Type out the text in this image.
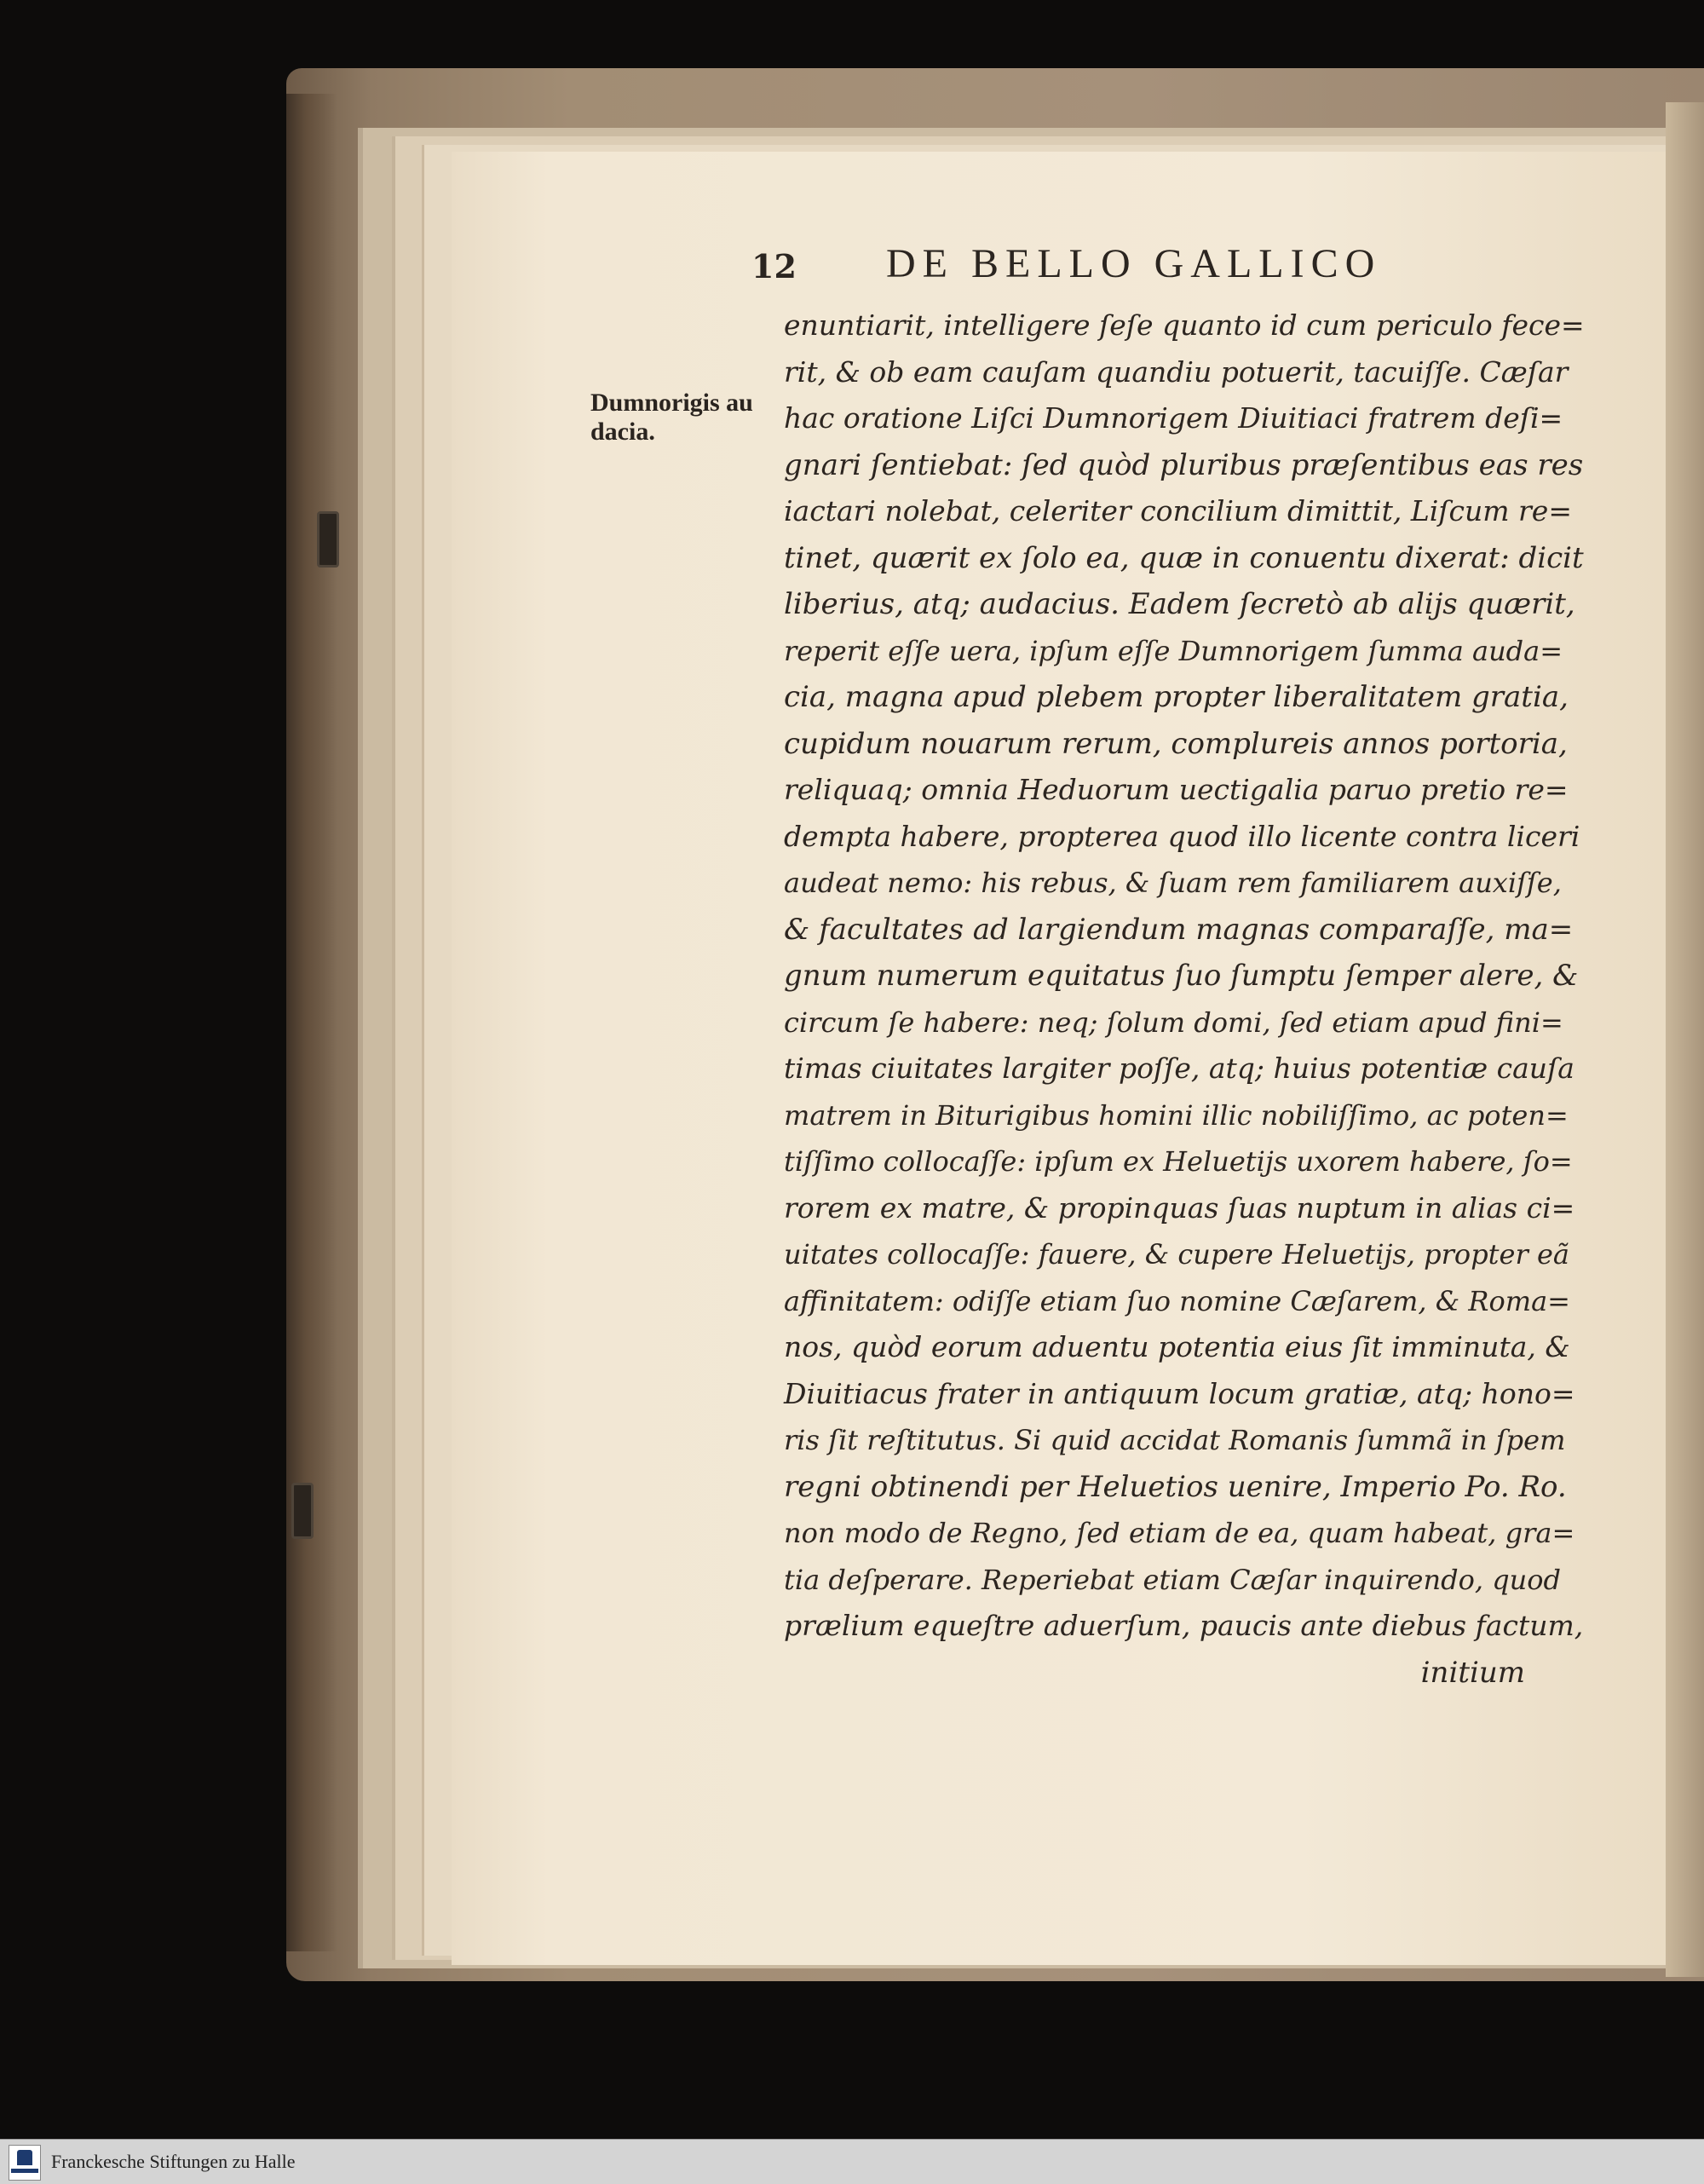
12 DE BELLO GALLICO
Dumnorigis au
dacia.
enuntiarit, intelligere ſeſe quanto id cum periculo fece=
rit, & ob eam cauſam quandiu potuerit, tacuiſſe. Cæſar
hac oratione Liſci Dumnorigem Diuitiaci fratrem deſi=
gnari ſentiebat: ſed quòd pluribus præſentibus eas res
iactari nolebat, celeriter concilium dimittit, Liſcum re=
tinet, quærit ex ſolo ea, quæ in conuentu dixerat: dicit
liberius, atq; audacius. Eadem ſecretò ab alijs quærit,
reperit eſſe uera, ipſum eſſe Dumnorigem ſumma auda=
cia, magna apud plebem propter liberalitatem gratia,
cupidum nouarum rerum, complureis annos portoria,
reliquaq; omnia Heduorum uectigalia paruo pretio re=
dempta habere, propterea quod illo licente contra liceri
audeat nemo: his rebus, & ſuam rem familiarem auxiſſe,
& facultates ad largiendum magnas comparaſſe, ma=
gnum numerum equitatus ſuo ſumptu ſemper alere, &
circum ſe habere: neq; ſolum domi, ſed etiam apud fini=
timas ciuitates largiter poſſe, atq; huius potentiæ cauſa
matrem in Biturigibus homini illic nobiliſſimo, ac poten=
tiſſimo collocaſſe: ipſum ex Heluetijs uxorem habere, ſo=
rorem ex matre, & propinquas ſuas nuptum in alias ci=
uitates collocaſſe: fauere, & cupere Heluetijs, propter eã
affinitatem: odiſſe etiam ſuo nomine Cæſarem, & Roma=
nos, quòd eorum aduentu potentia eius ſit imminuta, &
Diuitiacus frater in antiquum locum gratiæ, atq; hono=
ris ſit reſtitutus. Si quid accidat Romanis ſummã in ſpem
regni obtinendi per Heluetios uenire, Imperio Po. Ro.
non modo de Regno, ſed etiam de ea, quam habeat, gra=
tia deſperare. Reperiebat etiam Cæſar inquirendo, quod
prælium equeſtre aduerſum, paucis ante diebus factum,
initium
Franckesche Stiftungen zu Halle
